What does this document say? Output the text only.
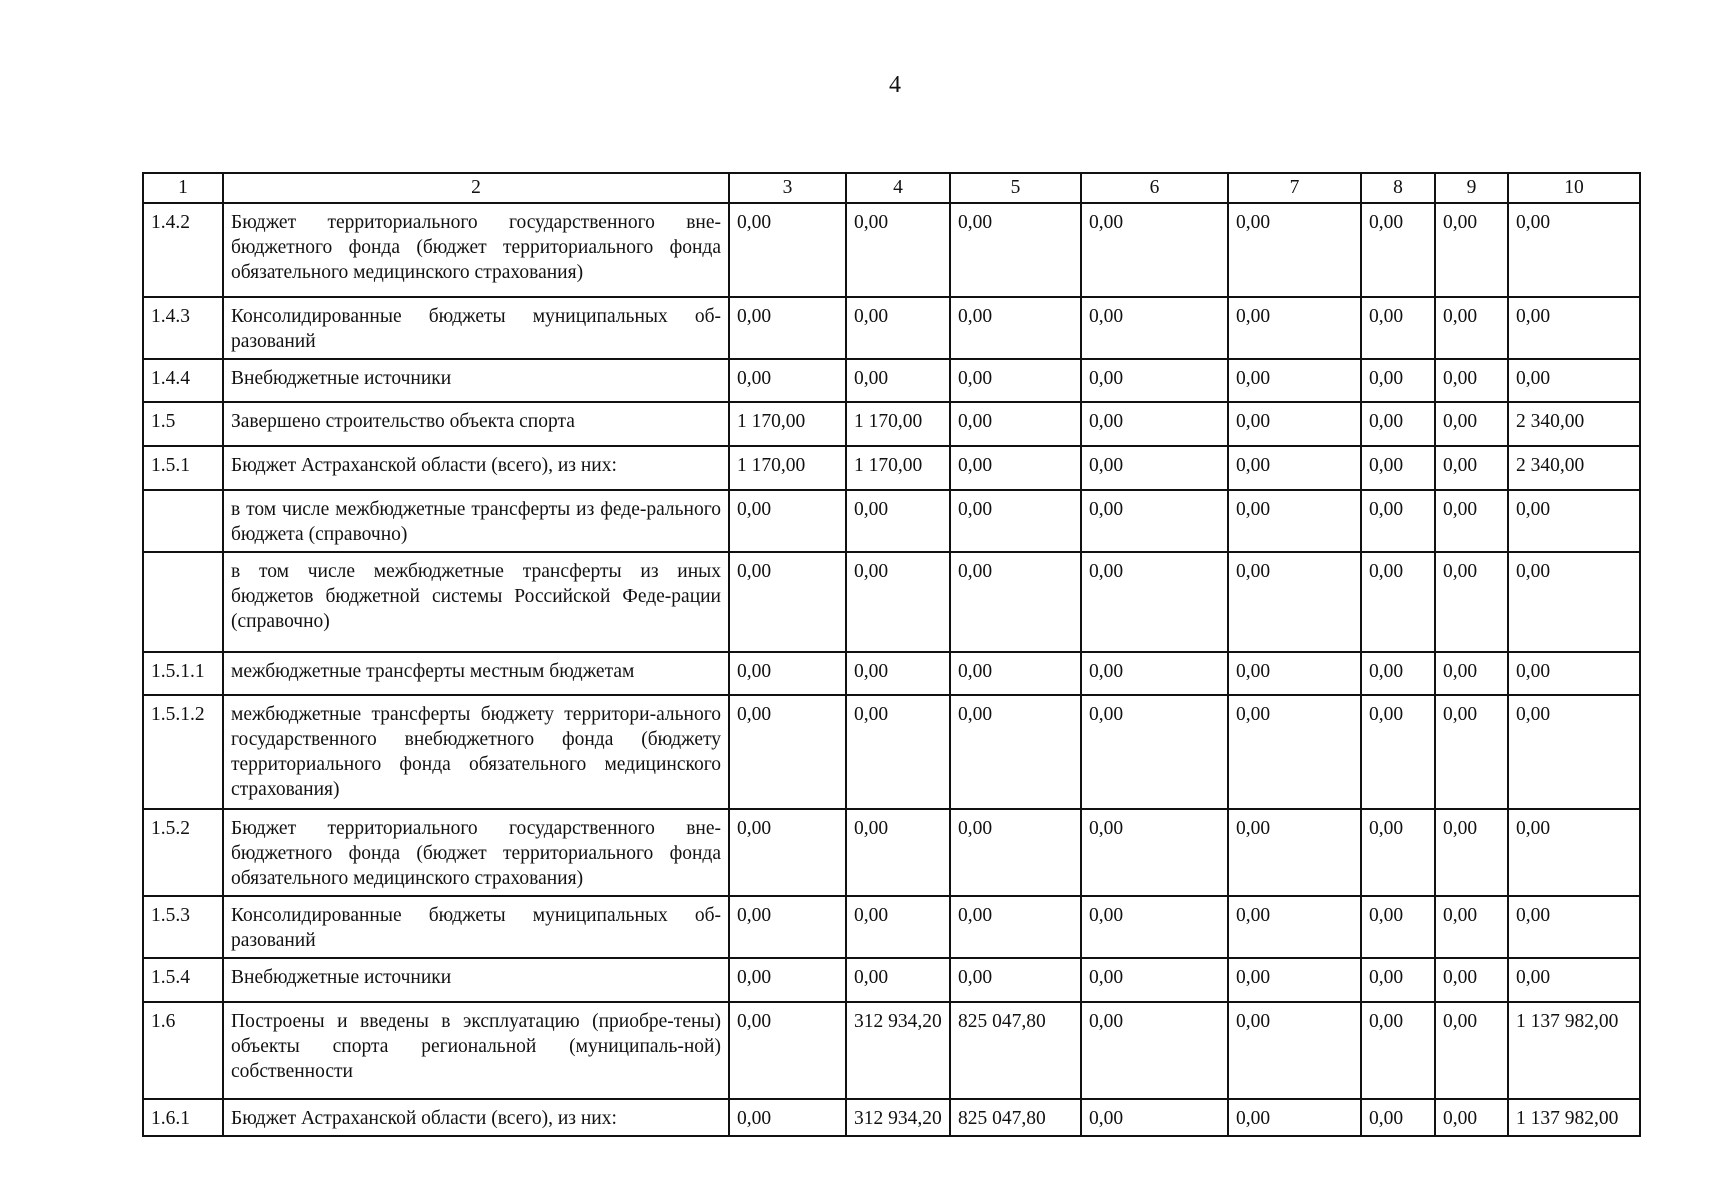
4
1	2	3	4	5	6	7	8	9	10
1.4.2	Бюджет территориального государственного вне-бюджетного фонда (бюджет территориального фонда обязательного медицинского страхования)	0,00	0,00	0,00	0,00	0,00	0,00	0,00	0,00
1.4.3	Консолидированные бюджеты муниципальных об-разований	0,00	0,00	0,00	0,00	0,00	0,00	0,00	0,00
1.4.4	Внебюджетные источники	0,00	0,00	0,00	0,00	0,00	0,00	0,00	0,00
1.5	Завершено строительство объекта спорта	1 170,00	1 170,00	0,00	0,00	0,00	0,00	0,00	2 340,00
1.5.1	Бюджет Астраханской области (всего), из них:	1 170,00	1 170,00	0,00	0,00	0,00	0,00	0,00	2 340,00
	в том числе межбюджетные трансферты из феде-рального бюджета (справочно)	0,00	0,00	0,00	0,00	0,00	0,00	0,00	0,00
	в том числе межбюджетные трансферты из иных бюджетов бюджетной системы Российской Феде-рации (справочно)	0,00	0,00	0,00	0,00	0,00	0,00	0,00	0,00
1.5.1.1	межбюджетные трансферты местным бюджетам	0,00	0,00	0,00	0,00	0,00	0,00	0,00	0,00
1.5.1.2	межбюджетные трансферты бюджету территори-ального государственного внебюджетного фонда (бюджету территориального фонда обязательного медицинского страхования)	0,00	0,00	0,00	0,00	0,00	0,00	0,00	0,00
1.5.2	Бюджет территориального государственного вне-бюджетного фонда (бюджет территориального фонда обязательного медицинского страхования)	0,00	0,00	0,00	0,00	0,00	0,00	0,00	0,00
1.5.3	Консолидированные бюджеты муниципальных об-разований	0,00	0,00	0,00	0,00	0,00	0,00	0,00	0,00
1.5.4	Внебюджетные источники	0,00	0,00	0,00	0,00	0,00	0,00	0,00	0,00
1.6	Построены и введены в эксплуатацию (приобре-тены) объекты спорта региональной (муниципаль-ной) собственности	0,00	312 934,20	825 047,80	0,00	0,00	0,00	0,00	1 137 982,00
1.6.1	Бюджет Астраханской области (всего), из них:	0,00	312 934,20	825 047,80	0,00	0,00	0,00	0,00	1 137 982,00
